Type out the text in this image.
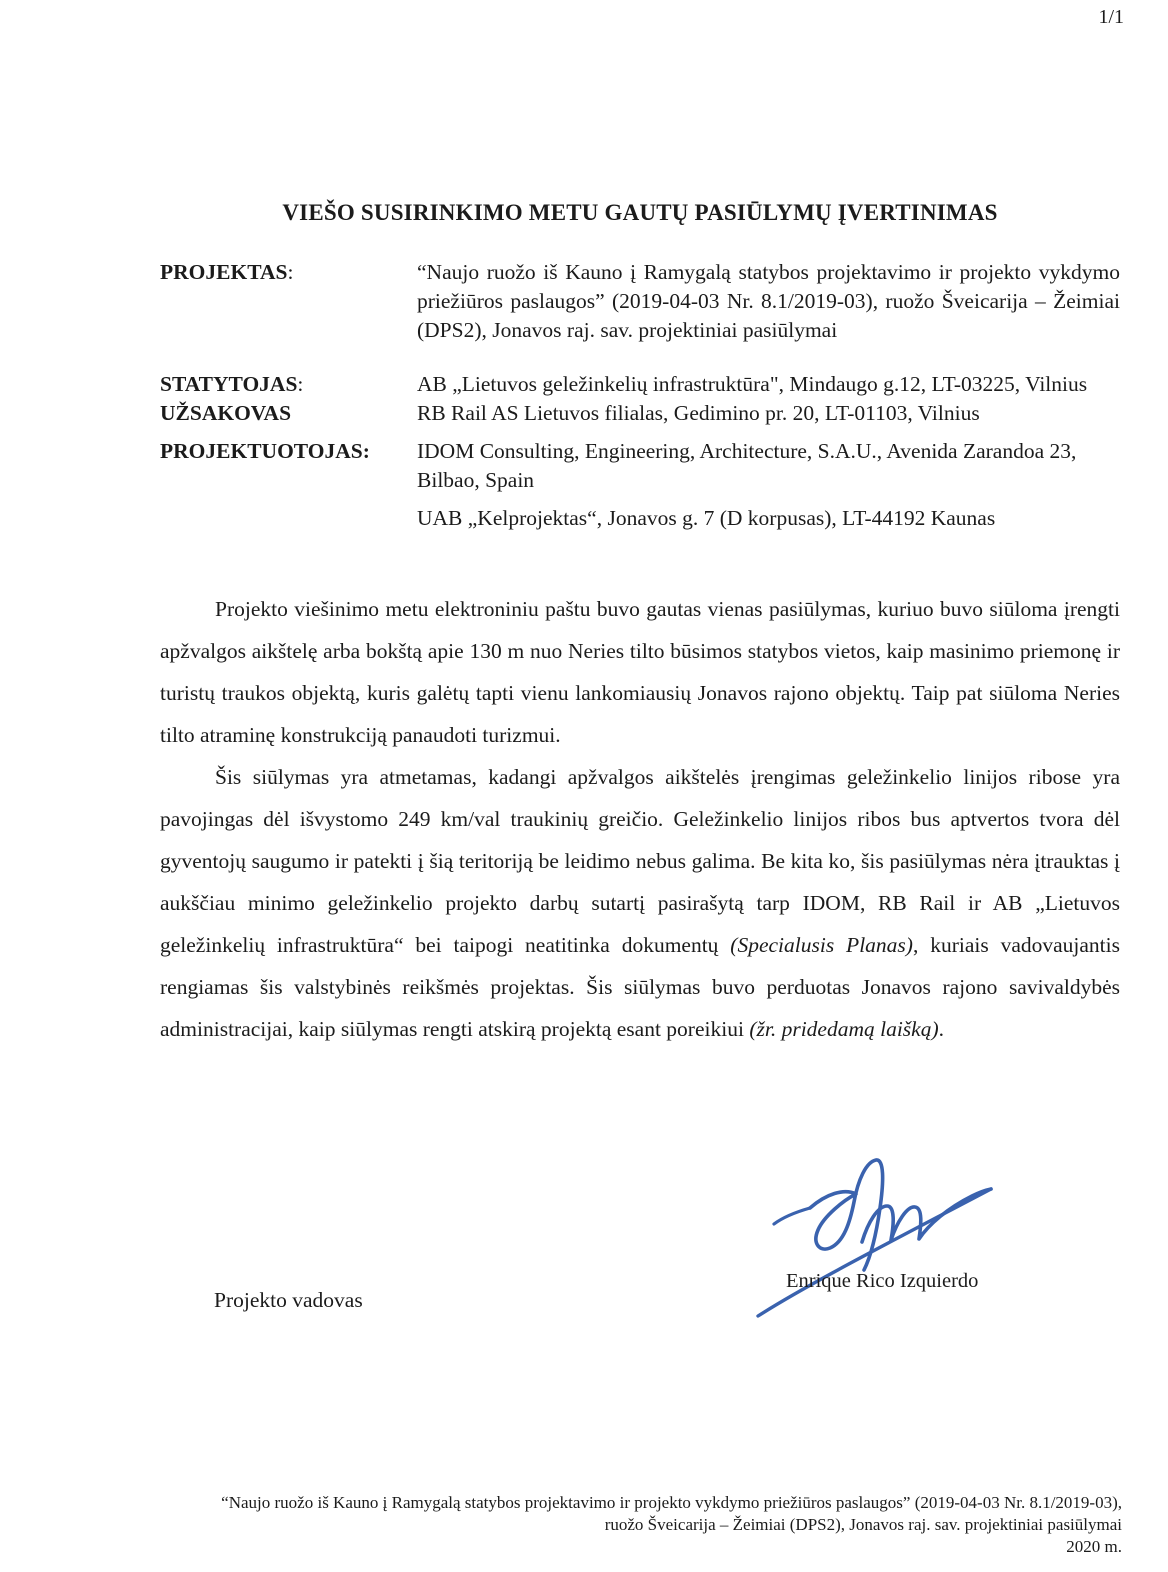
1/1
VIEŠO SUSIRINKIMO METU GAUTŲ PASIŪLYMŲ ĮVERTINIMAS
PROJEKTAS:	“Naujo ruožo iš Kauno į Ramygalą statybos projektavimo ir projekto vykdymo priežiūros paslaugos” (2019-04-03 Nr. 8.1/2019-03), ruožo Šveicarija – Žeimiai (DPS2), Jonavos raj. sav. projektiniai pasiūlymai
STATYTOJAS:	AB „Lietuvos geležinkelių infrastruktūra", Mindaugo g.12, LT-03225, Vilnius
UŽSAKOVAS	RB Rail AS Lietuvos filialas, Gedimino pr. 20, LT-01103, Vilnius
PROJEKTUOTOJAS:	IDOM Consulting, Engineering, Architecture, S.A.U., Avenida Zarandoa 23, Bilbao, Spain
UAB „Kelprojektas“, Jonavos g. 7 (D korpusas), LT-44192 Kaunas

Projekto viešinimo metu elektroniniu paštu buvo gautas vienas pasiūlymas, kuriuo buvo siūloma įrengti apžvalgos aikštelę arba bokštą apie 130 m nuo Neries tilto būsimos statybos vietos, kaip masinimo priemonę ir turistų traukos objektą, kuris galėtų tapti vienu lankomiausių Jonavos rajono objektų. Taip pat siūloma Neries tilto atraminę konstrukciją panaudoti turizmui.

Šis siūlymas yra atmetamas, kadangi apžvalgos aikštelės įrengimas geležinkelio linijos ribose yra pavojingas dėl išvystomo 249 km/val traukinių greičio. Geležinkelio linijos ribos bus aptvertos tvora dėl gyventojų saugumo ir patekti į šią teritoriją be leidimo nebus galima. Be kita ko, šis pasiūlymas nėra įtrauktas į aukščiau minimo geležinkelio projekto darbų sutartį pasirašytą tarp IDOM, RB Rail ir AB „Lietuvos geležinkelių infrastruktūra“ bei taipogi neatitinka dokumentų (Specialusis Planas), kuriais vadovaujantis rengiamas šis valstybinės reikšmės projektas. Šis siūlymas buvo perduotas Jonavos rajono savivaldybės administracijai, kaip siūlymas rengti atskirą projektą esant poreikiui (žr. pridedamą laišką).

Enrique Rico Izquierdo
Projekto vadovas
“Naujo ruožo iš Kauno į Ramygalą statybos projektavimo ir projekto vykdymo priežiūros paslaugos” (2019-04-03 Nr. 8.1/2019-03),
ruožo Šveicarija – Žeimiai (DPS2), Jonavos raj. sav. projektiniai pasiūlymai
2020 m.
